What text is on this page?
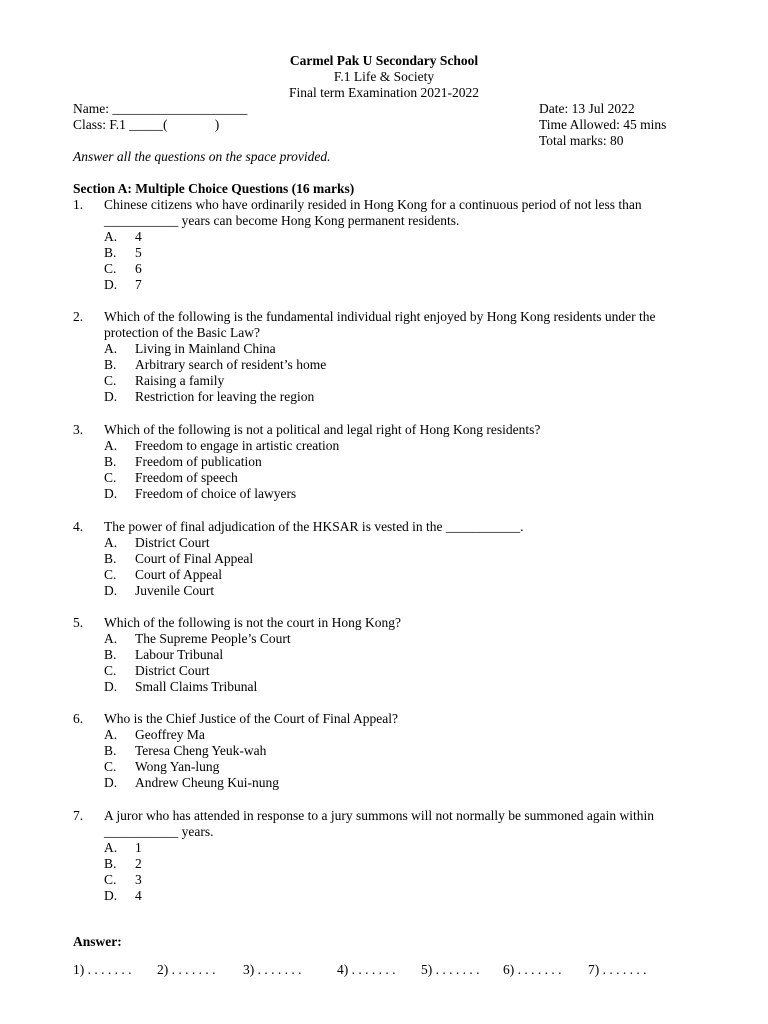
Carmel Pak U Secondary School
F.1 Life & Society
Final term Examination 2021-2022
Name: ____________________
Class: F.1 _____(              )
Date: 13 Jul 2022
Time Allowed: 45 mins
Total marks: 80
Answer all the questions on the space provided.
Section A: Multiple Choice Questions (16 marks)
1.	Chinese citizens who have ordinarily resided in Hong Kong for a continuous period of not less than ___________ years can become Hong Kong permanent residents.
A.	4
B.	5
C.	6
D.	7
2.	Which of the following is the fundamental individual right enjoyed by Hong Kong residents under the protection of the Basic Law?
A.	Living in Mainland China
B.	Arbitrary search of resident’s home
C.	Raising a family
D.	Restriction for leaving the region
3.	Which of the following is not a political and legal right of Hong Kong residents?
A.	Freedom to engage in artistic creation
B.	Freedom of publication
C.	Freedom of speech
D.	Freedom of choice of lawyers
4.	The power of final adjudication of the HKSAR is vested in the ___________.
A.	District Court
B.	Court of Final Appeal
C.	Court of Appeal
D.	Juvenile Court
5.	Which of the following is not the court in Hong Kong?
A.	The Supreme People’s Court
B.	Labour Tribunal
C.	District Court
D.	Small Claims Tribunal
6.	Who is the Chief Justice of the Court of Final Appeal?
A.	Geoffrey Ma
B.	Teresa Cheng Yeuk-wah
C.	Wong Yan-lung
D.	Andrew Cheung Kui-nung
7.	A juror who has attended in response to a jury summons will not normally be summoned again within ___________ years.
A.	1
B.	2
C.	3
D.	4
Answer:
1) . . . . . . . 2) . . . . . . . 3) . . . . . . .	4) . . . . . . . 5) . . . . . . . 6) . . . . . . . 7) . . . . . . .
